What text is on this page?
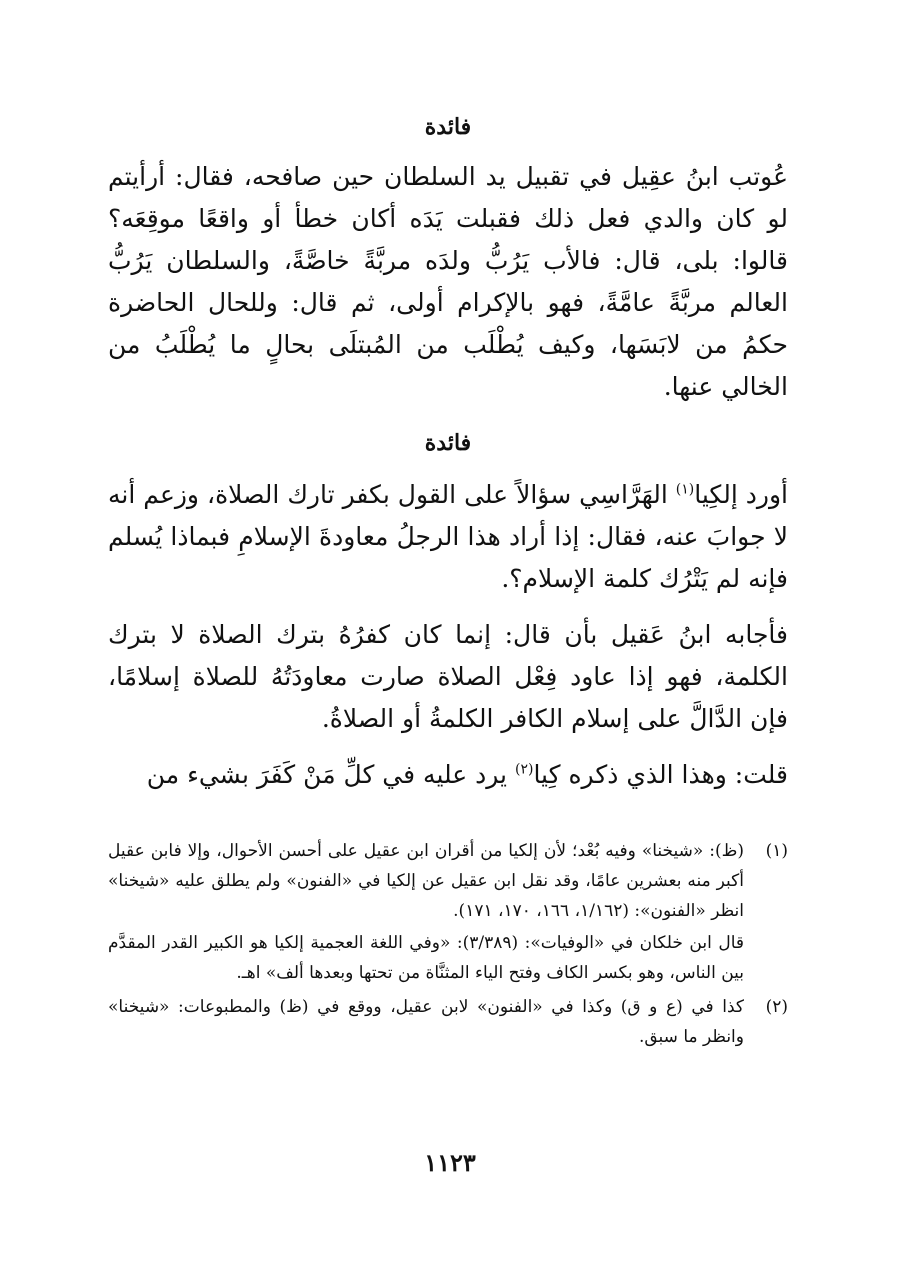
فائدة

عُوتب ابنُ عقِيل في تقبيل يد السلطان حين صافحه، فقال: أرأيتم لو كان والدي فعل ذلك فقبلت يَدَه أكان خطأ أو واقعًا موقِعَه؟ قالوا: بلى، قال: فالأب يَرُبُّ ولدَه مربَّةً خاصَّةً، والسلطان يَرُبُّ العالم مربَّةً عامَّةً، فهو بالإكرام أولى، ثم قال: وللحال الحاضرة حكمُ من لابَسَها، وكيف يُطْلَب من المُبتلَى بحالٍ ما يُطْلَبُ من الخالي عنها.

فائدة

أورد إلكِيا$^{(١)}$ الهَرَّاسِي سؤالاً على القول بكفر تارك الصلاة، وزعم أنه لا جوابَ عنه، فقال: إذا أراد هذا الرجلُ معاودةَ الإسلامِ فبماذا يُسلم فإنه لم يَتْرُك كلمة الإسلام؟.

فأجابه ابنُ عَقيل بأن قال: إنما كان كفرُهُ بترك الصلاة لا بترك الكلمة، فهو إذا عاود فِعْل الصلاة صارت معاودَتُهُ للصلاة إسلامًا، فإن الدَّالَّ على إسلام الكافر الكلمةُ أو الصلاةُ.

قلت: وهذا الذي ذكره كِيا$^{(٢)}$ يرد عليه في كلِّ مَنْ كَفَرَ بشيء من

(١)

(ظ): «شيخنا» وفيه بُعْد؛ لأن إلكيا من أقران ابن عقيل على أحسن الأحوال، وإلا فابن عقيل أكبر منه بعشرين عامًا، وقد نقل ابن عقيل عن إلكيا في «الفنون» ولم يطلق عليه «شيخنا» انظر «الفنون»: (١/١٦٢، ١٦٦، ١٧٠، ١٧١).

قال ابن خلكان في «الوفيات»: (٣/٣٨٩): «وفي اللغة العجمية إلكيا هو الكبير القدر المقدَّم بين الناس، وهو بكسر الكاف وفتح الياء المثنَّاة من تحتها وبعدها ألف» اهـ.

(٢)

كذا في (ع و ق) وكذا في «الفنون» لابن عقيل، ووقع في (ظ) والمطبوعات: «شيخنا» وانظر ما سبق.

١١٢٣
